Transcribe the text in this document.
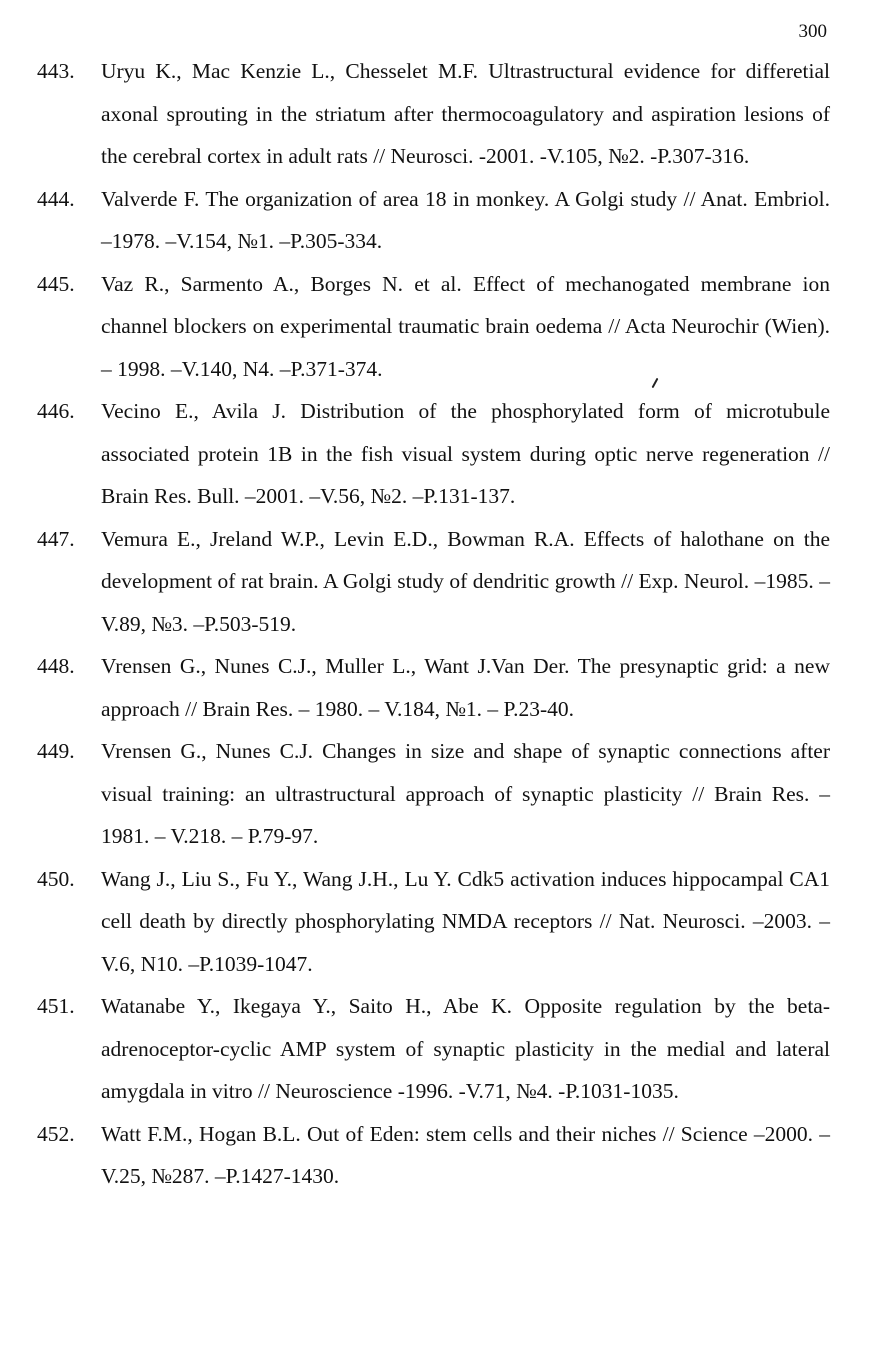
300
443.	Uryu K., Mac Kenzie L., Chesselet M.F. Ultrastructural evidence for differetial axonal sprouting in the striatum after thermocoagulatory and aspiration lesions of the cerebral cortex in adult rats // Neurosci. -2001. -V.105, №2. -P.307-316.
444.	Valverde F. The organization of area 18 in monkey. A Golgi study // Anat. Embriol. –1978. –V.154, №1. –P.305-334.
445.	Vaz R., Sarmento A., Borges N. et al. Effect of mechanogated membrane ion channel blockers on experimental traumatic brain oedema // Acta Neurochir (Wien). – 1998. –V.140, N4. –P.371-374.
446.	Vecino E., Avila J. Distribution of the phosphorylated form of microtubule associated protein 1B in the fish visual system during optic nerve regeneration // Brain Res. Bull. –2001. –V.56, №2. –P.131-137.
447.	Vemura E., Jreland W.P., Levin E.D., Bowman R.A. Effects of halothane on the development of rat brain. A Golgi study of dendritic growth // Exp. Neurol. –1985. –V.89, №3. –P.503-519.
448.	Vrensen G., Nunes C.J., Muller L., Want J.Van Der. The presynaptic grid: a new approach // Brain Res. – 1980. – V.184, №1. – P.23-40.
449.	Vrensen G., Nunes C.J. Changes in size and shape of synaptic connections after visual training: an ultrastructural approach of synaptic plasticity // Brain Res. – 1981. – V.218. – P.79-97.
450.	Wang J., Liu S., Fu Y., Wang J.H., Lu Y. Cdk5 activation induces hippocampal CA1 cell death by directly phosphorylating NMDA receptors // Nat. Neurosci. –2003. –V.6, N10. –P.1039-1047.
451.	Watanabe Y., Ikegaya Y., Saito H., Abe K. Opposite regulation by the beta-adrenoceptor-cyclic AMP system of synaptic plasticity in the medial and lateral amygdala in vitro // Neuroscience -1996. -V.71, №4. -P.1031-1035.
452.	Watt F.M., Hogan B.L. Out of Eden: stem cells and their niches // Science –2000. –V.25, №287. –P.1427-1430.
